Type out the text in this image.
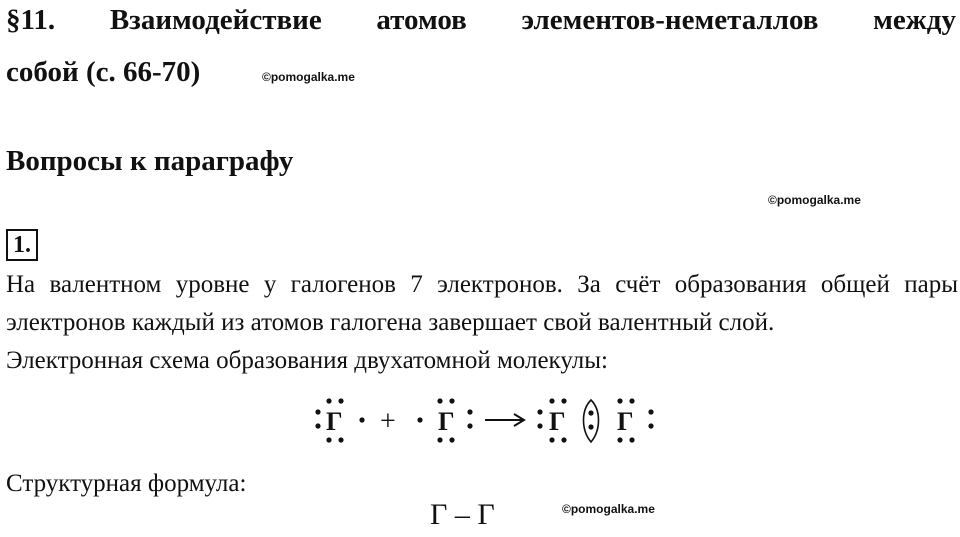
§11. Взаимодействие атомов элементов-неметаллов между
собой (с. 66-70)	©pomogalka.me
Вопросы к параграфу
©pomogalka.me
1.
На валентном уровне у галогенов 7 электронов. За счёт образования общей пары электронов каждый из атомов галогена завершает свой валентный слой.
Электронная схема образования двухатомной молекулы:
Г	Г	Г Г
+
Структурная формула:
©pomogalka.me
Г – Г
